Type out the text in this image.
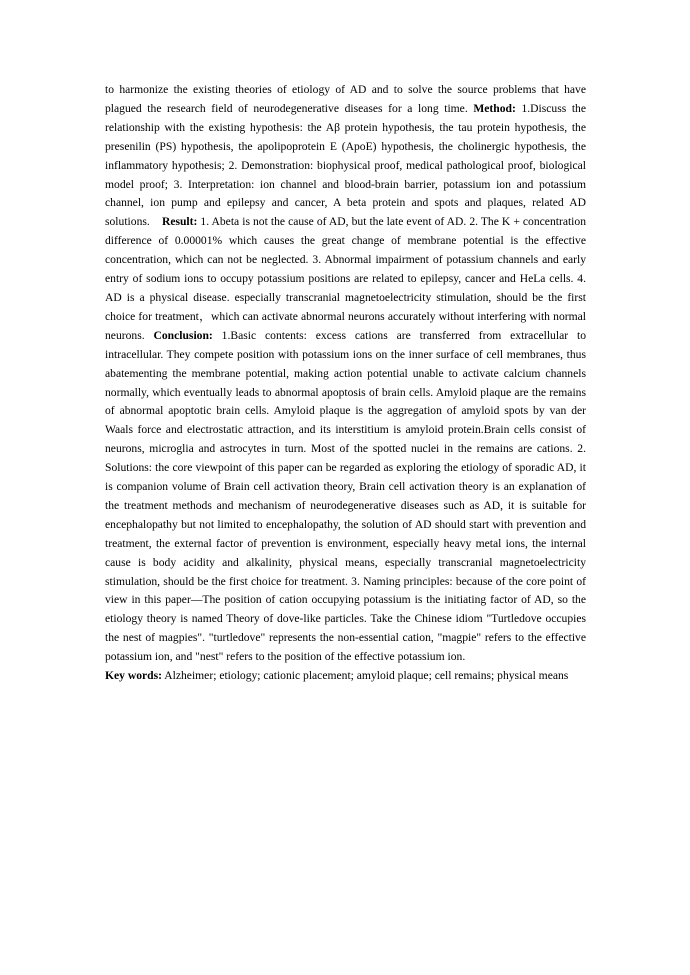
to harmonize the existing theories of etiology of AD and to solve the source problems that have plagued the research field of neurodegenerative diseases for a long time. Method: 1.Discuss the relationship with the existing hypothesis: the Aβ protein hypothesis, the tau protein hypothesis, the presenilin (PS) hypothesis, the apolipoprotein E (ApoE) hypothesis, the cholinergic hypothesis, the inflammatory hypothesis; 2. Demonstration: biophysical proof, medical pathological proof, biological model proof; 3. Interpretation: ion channel and blood-brain barrier, potassium ion and potassium channel, ion pump and epilepsy and cancer, A beta protein and spots and plaques, related AD solutions. Result: 1. Abeta is not the cause of AD, but the late event of AD. 2. The K + concentration difference of 0.00001% which causes the great change of membrane potential is the effective concentration, which can not be neglected. 3. Abnormal impairment of potassium channels and early entry of sodium ions to occupy potassium positions are related to epilepsy, cancer and HeLa cells. 4. AD is a physical disease. especially transcranial magnetoelectricity stimulation, should be the first choice for treatment，which can activate abnormal neurons accurately without interfering with normal neurons. Conclusion: 1.Basic contents: excess cations are transferred from extracellular to intracellular. They compete position with potassium ions on the inner surface of cell membranes, thus abatementing the membrane potential, making action potential unable to activate calcium channels normally, which eventually leads to abnormal apoptosis of brain cells. Amyloid plaque are the remains of abnormal apoptotic brain cells. Amyloid plaque is the aggregation of amyloid spots by van der Waals force and electrostatic attraction, and its interstitium is amyloid protein.Brain cells consist of neurons, microglia and astrocytes in turn. Most of the spotted nuclei in the remains are cations. 2. Solutions: the core viewpoint of this paper can be regarded as exploring the etiology of sporadic AD, it is companion volume of Brain cell activation theory, Brain cell activation theory is an explanation of the treatment methods and mechanism of neurodegenerative diseases such as AD, it is suitable for encephalopathy but not limited to encephalopathy, the solution of AD should start with prevention and treatment, the external factor of prevention is environment, especially heavy metal ions, the internal cause is body acidity and alkalinity, physical means, especially transcranial magnetoelectricity stimulation, should be the first choice for treatment. 3. Naming principles: because of the core point of view in this paper—The position of cation occupying potassium is the initiating factor of AD, so the etiology theory is named Theory of dove-like particles. Take the Chinese idiom "Turtledove occupies the nest of magpies". "turtledove" represents the non-essential cation, "magpie" refers to the effective potassium ion, and "nest" refers to the position of the effective potassium ion.

Key words: Alzheimer; etiology; cationic placement; amyloid plaque; cell remains; physical means
